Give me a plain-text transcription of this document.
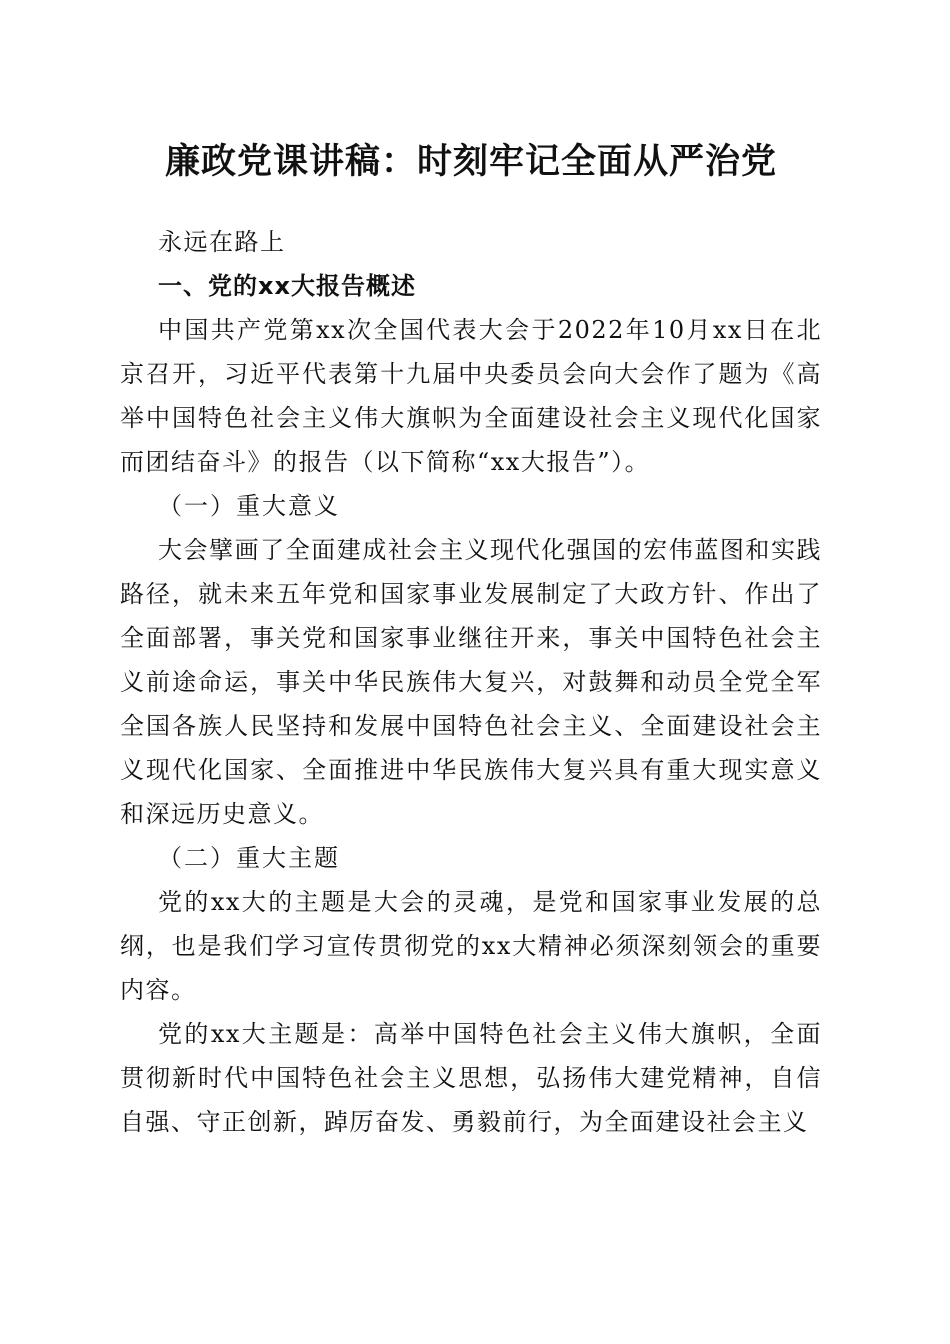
廉政党课讲稿：时刻牢记全面从严治党

永远在路上

一、党的xx大报告概述

中国共产党第xx次全国代表大会于2022年10月xx日在北京召开，习近平代表第十九届中央委员会向大会作了题为《高举中国特色社会主义伟大旗帜为全面建设社会主义现代化国家而团结奋斗》的报告（以下简称“xx大报告”）。

（一）重大意义

大会擘画了全面建成社会主义现代化强国的宏伟蓝图和实践路径，就未来五年党和国家事业发展制定了大政方针、作出了全面部署，事关党和国家事业继往开来，事关中国特色社会主义前途命运，事关中华民族伟大复兴，对鼓舞和动员全党全军全国各族人民坚持和发展中国特色社会主义、全面建设社会主义现代化国家、全面推进中华民族伟大复兴具有重大现实意义和深远历史意义。

（二）重大主题

党的xx大的主题是大会的灵魂，是党和国家事业发展的总纲，也是我们学习宣传贯彻党的xx大精神必须深刻领会的重要内容。

党的xx大主题是：高举中国特色社会主义伟大旗帜，全面贯彻新时代中国特色社会主义思想，弘扬伟大建党精神，自信自强、守正创新，踔厉奋发、勇毅前行，为全面建设社会主义
